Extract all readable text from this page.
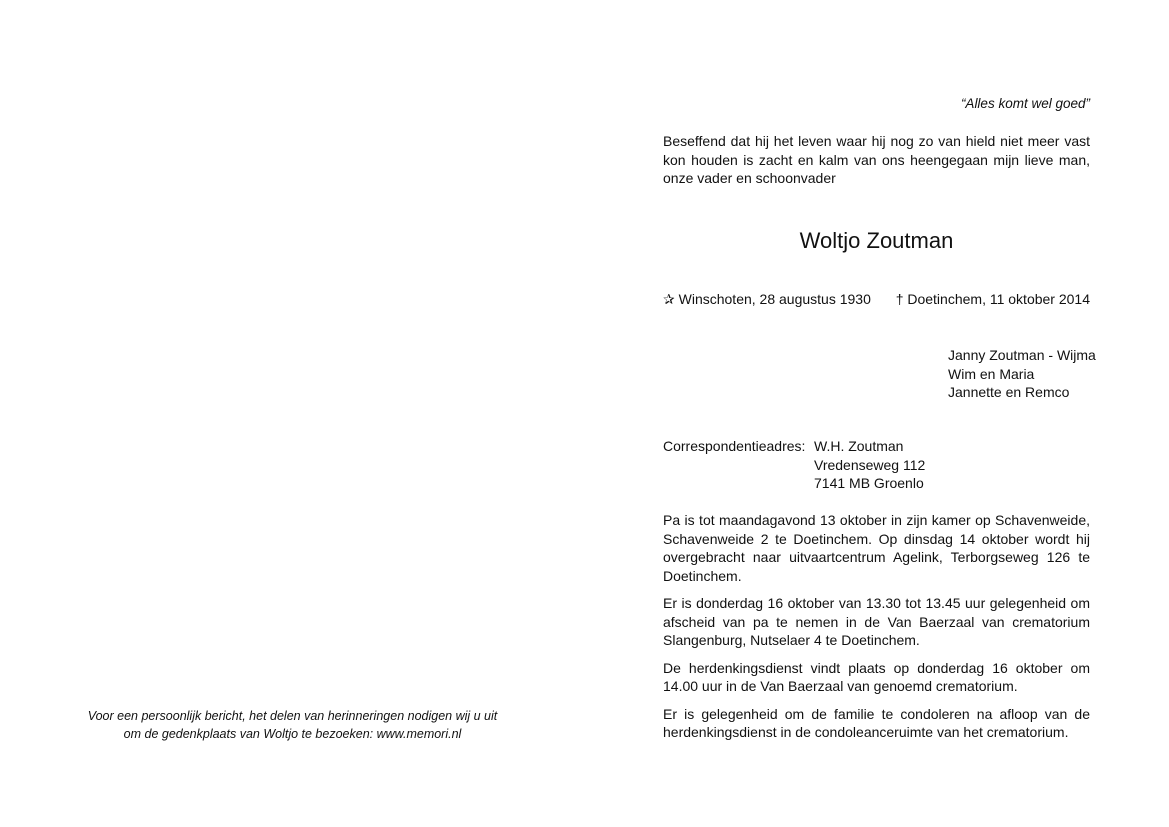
Voor een persoonlijk bericht, het delen van herinneringen nodigen wij u uit
om de gedenkplaats van Woltjo te bezoeken: www.memori.nl
“Alles komt wel goed”
Beseffend dat hij het leven waar hij nog zo van hield niet meer vast kon houden is zacht en kalm van ons heengegaan mijn lieve man, onze vader en schoonvader
Woltjo Zoutman
✰ Winschoten, 28 augustus 1930 † Doetinchem, 11 oktober 2014
Janny Zoutman - Wijma
Wim en Maria
Jannette en Remco
Correspondentieadres: W.H. Zoutman
Vredenseweg 112
7141 MB Groenlo

Pa is tot maandagavond 13 oktober in zijn kamer op Schavenweide, Schavenweide 2 te Doetinchem. Op dinsdag 14 oktober wordt hij overgebracht naar uitvaartcentrum Agelink, Terborgseweg 126 te Doetinchem.

Er is donderdag 16 oktober van 13.30 tot 13.45 uur gelegenheid om afscheid van pa te nemen in de Van Baerzaal van crematorium Slangenburg, Nutselaer 4 te Doetinchem.

De herdenkingsdienst vindt plaats op donderdag 16 oktober om 14.00 uur in de Van Baerzaal van genoemd crematorium.

Er is gelegenheid om de familie te condoleren na afloop van de herdenkingsdienst in de condoleanceruimte van het crematorium.
